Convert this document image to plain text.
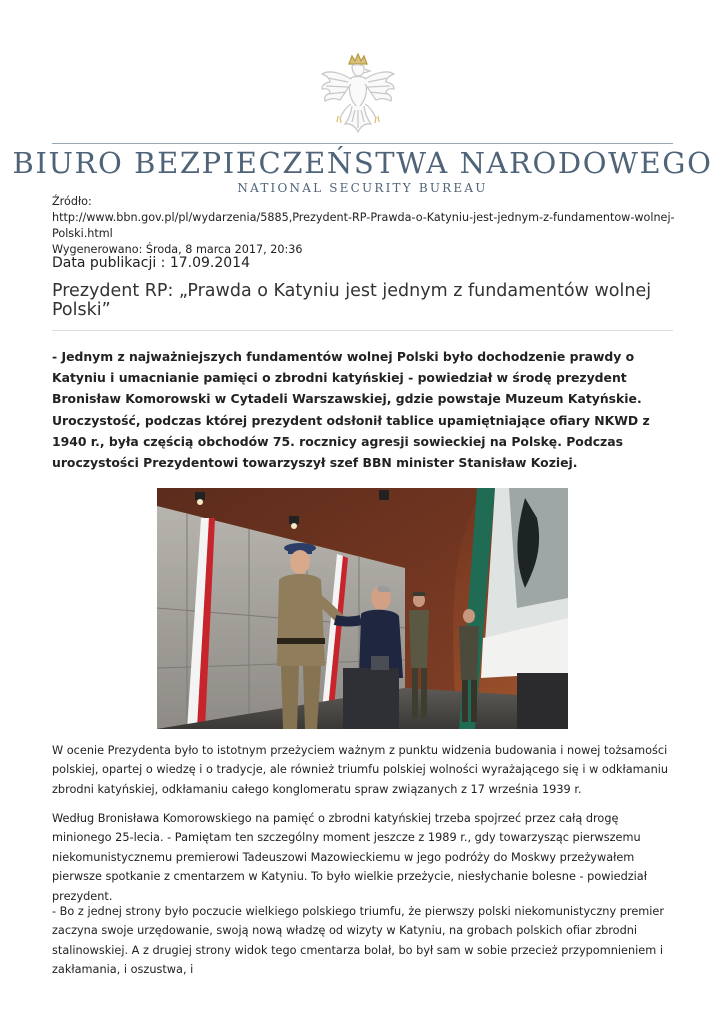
BIURO BEZPIECZEŃSTWA NARODOWEGO
NATIONAL SECURITY BUREAU
Źródło:
http://www.bbn.gov.pl/pl/wydarzenia/5885,Prezydent-RP-Prawda-o-Katyniu-jest-jednym-z-fundamentow-wolnej-Polski.html
Wygenerowano: Środa, 8 marca 2017, 20:36
Data publikacji : 17.09.2014
Prezydent RP: „Prawda o Katyniu jest jednym z fundamentów wolnej Polski”
- Jednym z najważniejszych fundamentów wolnej Polski było dochodzenie prawdy o Katyniu i umacnianie pamięci o zbrodni katyńskiej - powiedział w środę prezydent Bronisław Komorowski w Cytadeli Warszawskiej, gdzie powstaje Muzeum Katyńskie. Uroczystość, podczas której prezydent odsłonił tablice upamiętniające ofiary NKWD z 1940 r., była częścią obchodów 75. rocznicy agresji sowieckiej na Polskę. Podczas uroczystości Prezydentowi towarzyszył szef BBN minister Stanisław Koziej.
W ocenie Prezydenta było to istotnym przeżyciem ważnym z punktu widzenia budowania i nowej tożsamości polskiej, opartej o wiedzę i o tradycje, ale również triumfu polskiej wolności wyrażającego się i w odkłamaniu zbrodni katyńskiej, odkłamaniu całego konglomeratu spraw związanych z 17 września 1939 r.
Według Bronisława Komorowskiego na pamięć o zbrodni katyńskiej trzeba spojrzeć przez całą drogę minionego 25-lecia. - Pamiętam ten szczególny moment jeszcze z 1989 r., gdy towarzysząc pierwszemu niekomunistycznemu premierowi Tadeuszowi Mazowieckiemu w jego podróży do Moskwy przeżywałem pierwsze spotkanie z cmentarzem w Katyniu. To było wielkie przeżycie, niesłychanie bolesne - powiedział prezydent.
- Bo z jednej strony było poczucie wielkiego polskiego triumfu, że pierwszy polski niekomunistyczny premier zaczyna swoje urzędowanie, swoją nową władzę od wizyty w Katyniu, na grobach polskich ofiar zbrodni stalinowskiej. A z drugiej strony widok tego cmentarza bolał, bo był sam w sobie przecież przypomnieniem i zakłamania, i oszustwa, i
